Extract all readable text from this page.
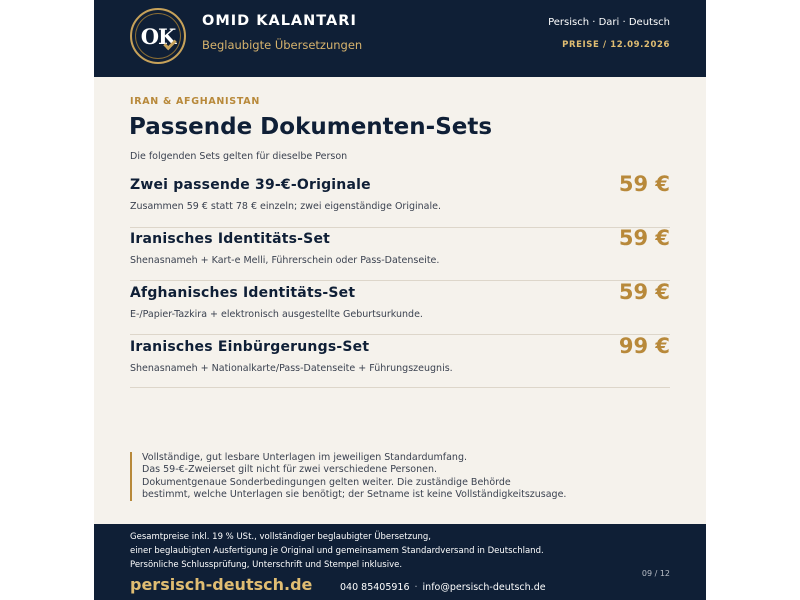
OK
OMID KALANTARI
Beglaubigte Übersetzungen
Persisch · Dari · Deutsch
PREISE / 12.09.2026
IRAN & AFGHANISTAN
Passende Dokumenten-Sets
Die folgenden Sets gelten für dieselbe Person
Zwei passende 39-€-Originale
Zusammen 59 € statt 78 € einzeln; zwei eigenständige Originale.
59 €
Iranisches Identitäts-Set
Shenasnameh + Kart-e Melli, Führerschein oder Pass-Datenseite.
59 €
Afghanisches Identitäts-Set
E-/Papier-Tazkira + elektronisch ausgestellte Geburtsurkunde.
59 €
Iranisches Einbürgerungs-Set
Shenasnameh + Nationalkarte/Pass-Datenseite + Führungszeugnis.
99 €
Vollständige, gut lesbare Unterlagen im jeweiligen Standardumfang.
Das 59-€-Zweierset gilt nicht für zwei verschiedene Personen.
Dokumentgenaue Sonderbedingungen gelten weiter. Die zuständige Behörde
bestimmt, welche Unterlagen sie benötigt; der Setname ist keine Vollständigkeitszusage.
Gesamtpreise inkl. 19 % USt., vollständiger beglaubigter Übersetzung,
einer beglaubigten Ausfertigung je Original und gemeinsamem Standardversand in Deutschland.
Persönliche Schlussprüfung, Unterschrift und Stempel inklusive.
09 / 12
persisch-deutsch.de	040 85405916 · info@persisch-deutsch.de
